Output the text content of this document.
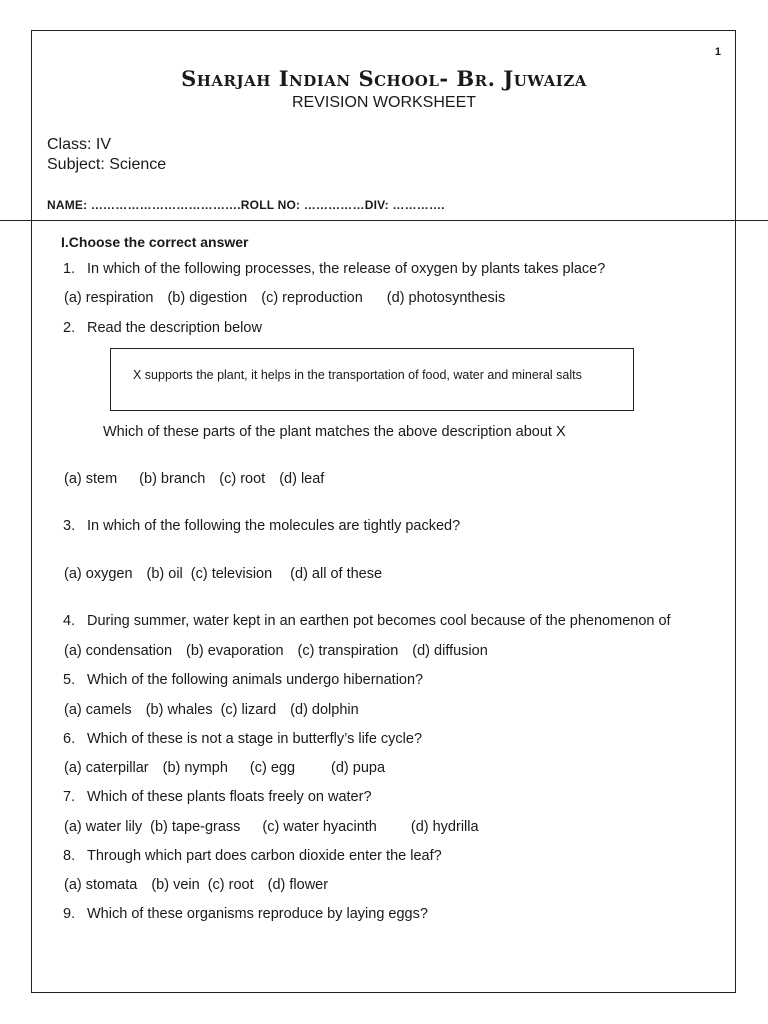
1
Sharjah Indian School- Br. Juwaiza
REVISION WORKSHEET
Class: IV
Subject: Science
NAME: ……………………………….ROLL NO: ……………DIV: ………….
I.Choose the correct answer
1. In which of the following processes, the release of oxygen by plants takes place?
(a) respiration (b) digestion (c) reproduction (d) photosynthesis
2. Read the description below
X supports the plant, it helps in the transportation of food, water and mineral salts
Which of these parts of the plant matches the above description about X
(a) stem (b) branch (c) root (d) leaf
3. In which of the following the molecules are tightly packed?
(a) oxygen (b) oil (c) television (d) all of these
4. During summer, water kept in an earthen pot becomes cool because of the phenomenon of
(a) condensation (b) evaporation (c) transpiration (d) diffusion
5. Which of the following animals undergo hibernation?
(a) camels (b) whales (c) lizard (d) dolphin
6. Which of these is not a stage in butterfly’s life cycle?
(a) caterpillar (b) nymph (c) egg (d) pupa
7. Which of these plants floats freely on water?
(a) water lily (b) tape-grass (c) water hyacinth (d) hydrilla
8. Through which part does carbon dioxide enter the leaf?
(a) stomata (b) vein (c) root (d) flower
9. Which of these organisms reproduce by laying eggs?
